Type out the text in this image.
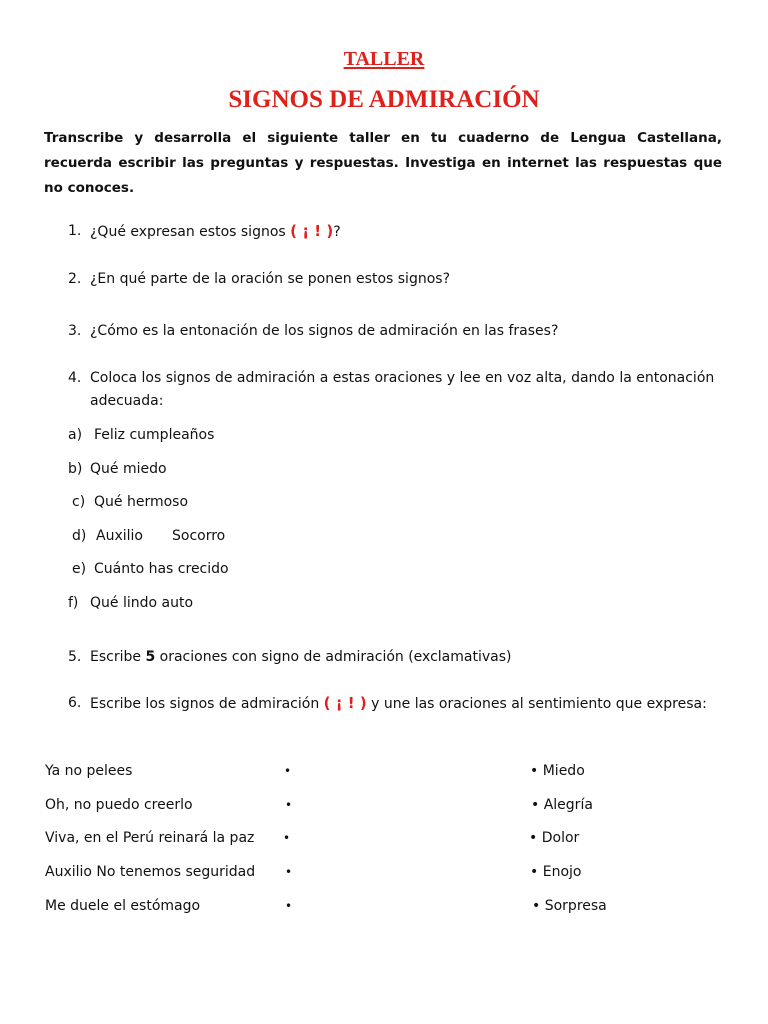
TALLER
SIGNOS DE ADMIRACIÓN

Transcribe y desarrolla el siguiente taller en tu cuaderno de Lengua Castellana, recuerda escribir las preguntas y respuestas. Investiga en internet las respuestas que no conoces.

1. ¿Qué expresan estos signos ( ¡ ! )?
2. ¿En qué parte de la oración se ponen estos signos?
3. ¿Cómo es la entonación de los signos de admiración en las frases?
4. Coloca los signos de admiración a estas oraciones y lee en voz alta, dando la entonación
adecuada:
a) Feliz cumpleaños
b) Qué miedo
c) Qué hermoso
d) Auxilio Socorro
e) Cuánto has crecido
f) Qué lindo auto
5. Escribe 5 oraciones con signo de admiración (exclamativas)
6. Escribe los signos de admiración ( ¡ ! ) y une las oraciones al sentimiento que expresa:
Ya no pelees
Oh, no puedo creerlo
Viva, en el Perú reinará la paz
Auxilio No tenemos seguridad
Me duele el estómago
•
•
•
•
•
• Miedo
• Alegría
• Dolor
• Enojo
• Sorpresa
